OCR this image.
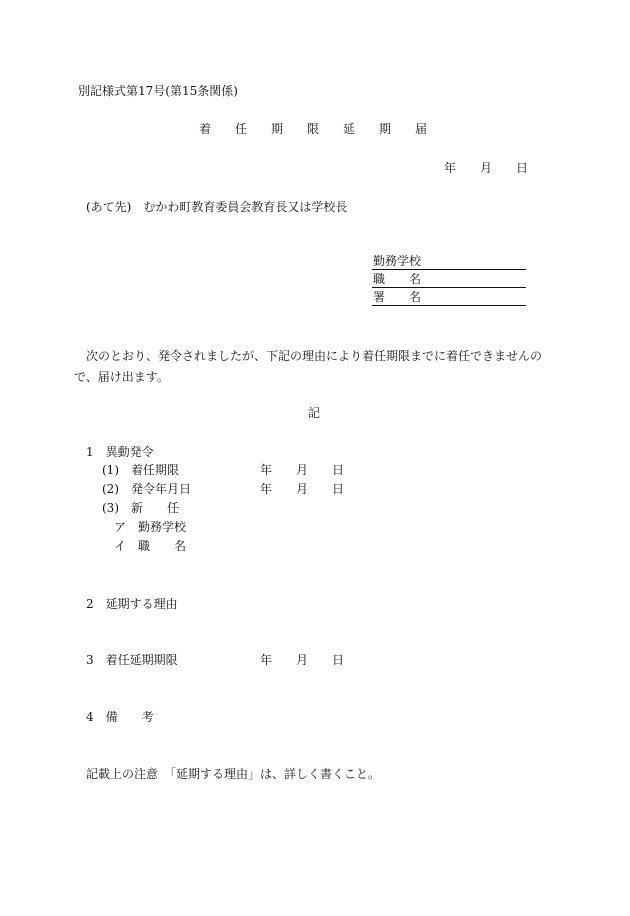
別記様式第17号(第15条関係)
着 任 期 限 延 期 届
年 月 日
(あて先) むかわ町教育委員会教育長又は学校長
勤務学校
職　　名
署　　名
次のとおり、発令されましたが、下記の理由により着任期限までに着任できませんの
で、届け出ます。
記
1　異動発令
(1)　着任期限	年 月 日
(2)　発令年月日	年 月 日
(3)　新　　任
ア　勤務学校
イ　職　　名
2　延期する理由
3　着任延期期限	年 月 日
4　備　　考
記載上の注意　「延期する理由」は、詳しく書くこと。
